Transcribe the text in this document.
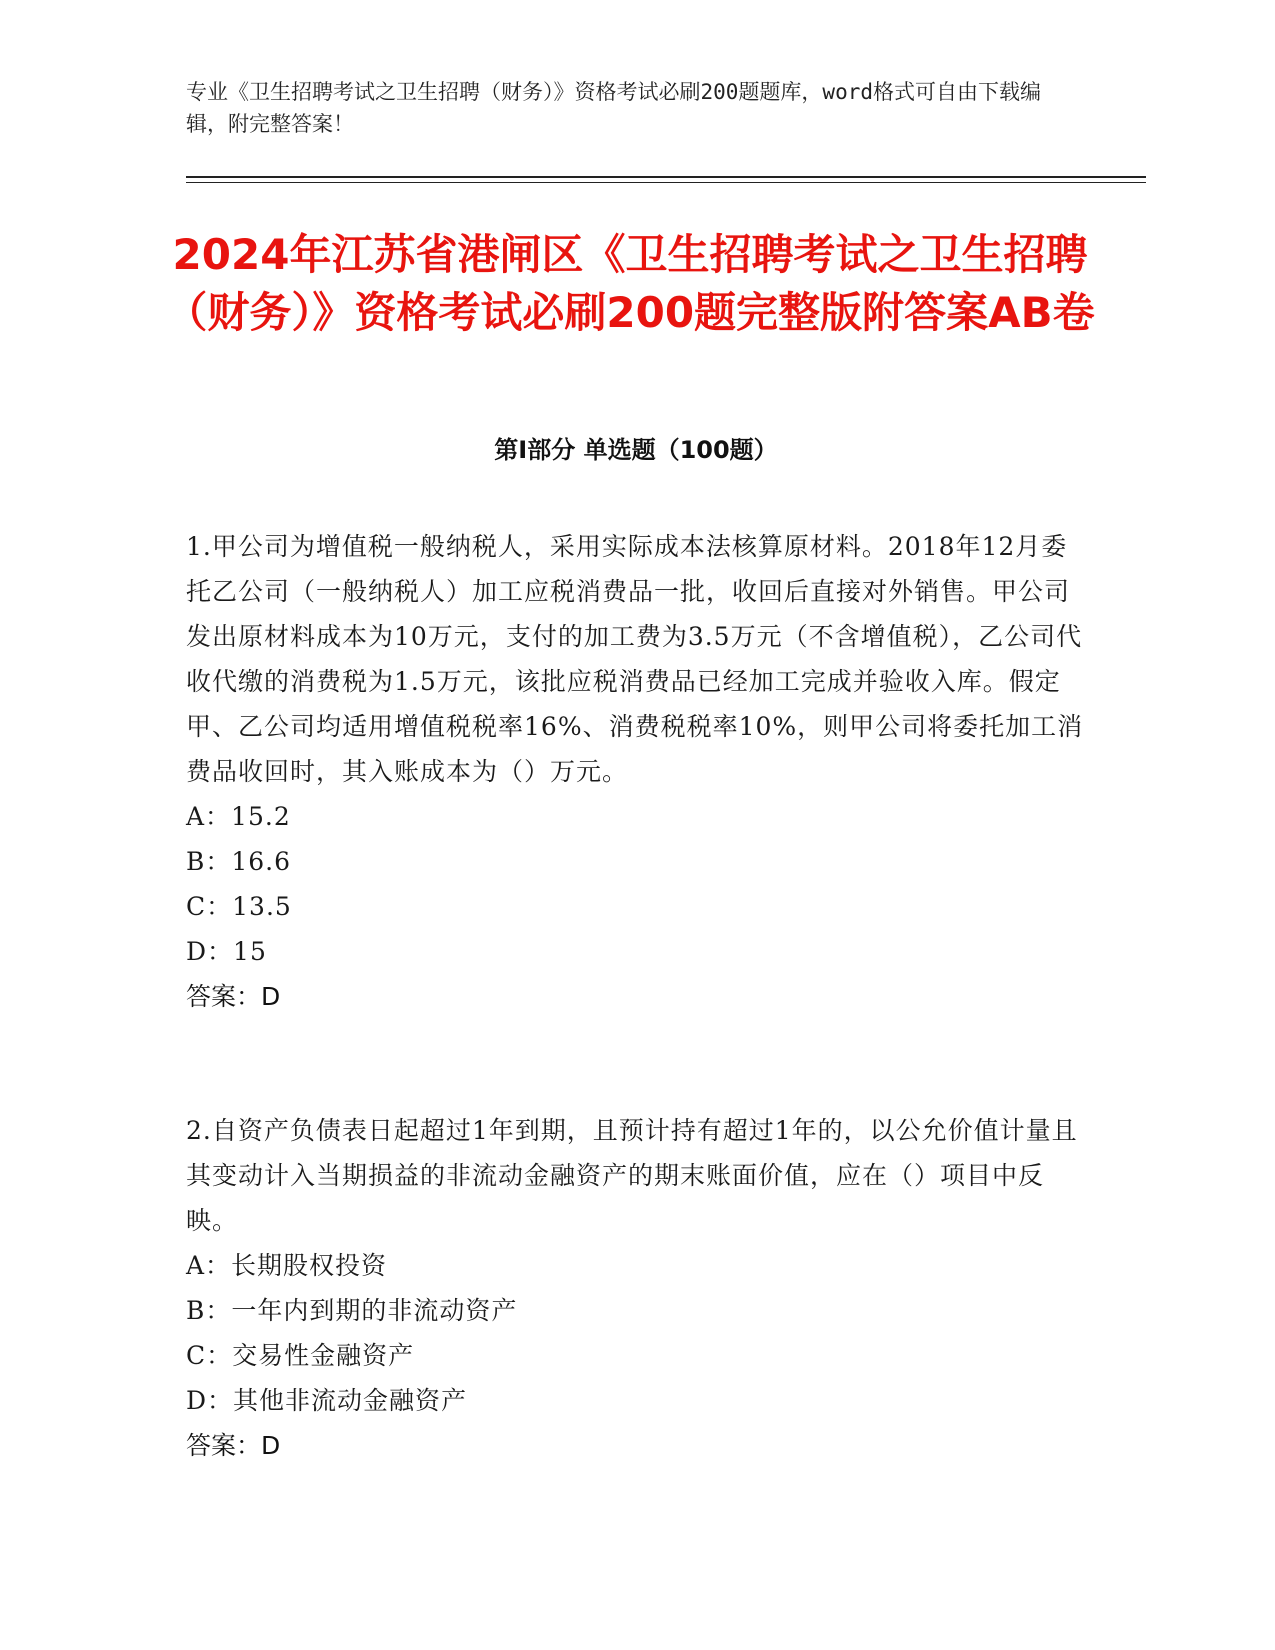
专业《卫生招聘考试之卫生招聘（财务）》资格考试必刷200题题库，word格式可自由下载编辑，附完整答案！
2024年江苏省港闸区《卫生招聘考试之卫生招聘（财务）》资格考试必刷200题完整版附答案AB卷
第I部分 单选题（100题）

1.甲公司为增值税一般纳税人，采用实际成本法核算原材料。2018年12月委托乙公司（一般纳税人）加工应税消费品一批，收回后直接对外销售。甲公司发出原材料成本为10万元，支付的加工费为3.5万元（不含增值税），乙公司代收代缴的消费税为1.5万元，该批应税消费品已经加工完成并验收入库。假定甲、乙公司均适用增值税税率16%、消费税税率10%，则甲公司将委托加工消费品收回时，其入账成本为（）万元。

A：15.2

B：16.6

C：13.5

D：15

答案：D

2.自资产负债表日起超过1年到期，且预计持有超过1年的，以公允价值计量且其变动计入当期损益的非流动金融资产的期末账面价值，应在（）项目中反映。

A：长期股权投资

B：一年内到期的非流动资产

C：交易性金融资产

D：其他非流动金融资产

答案：D
